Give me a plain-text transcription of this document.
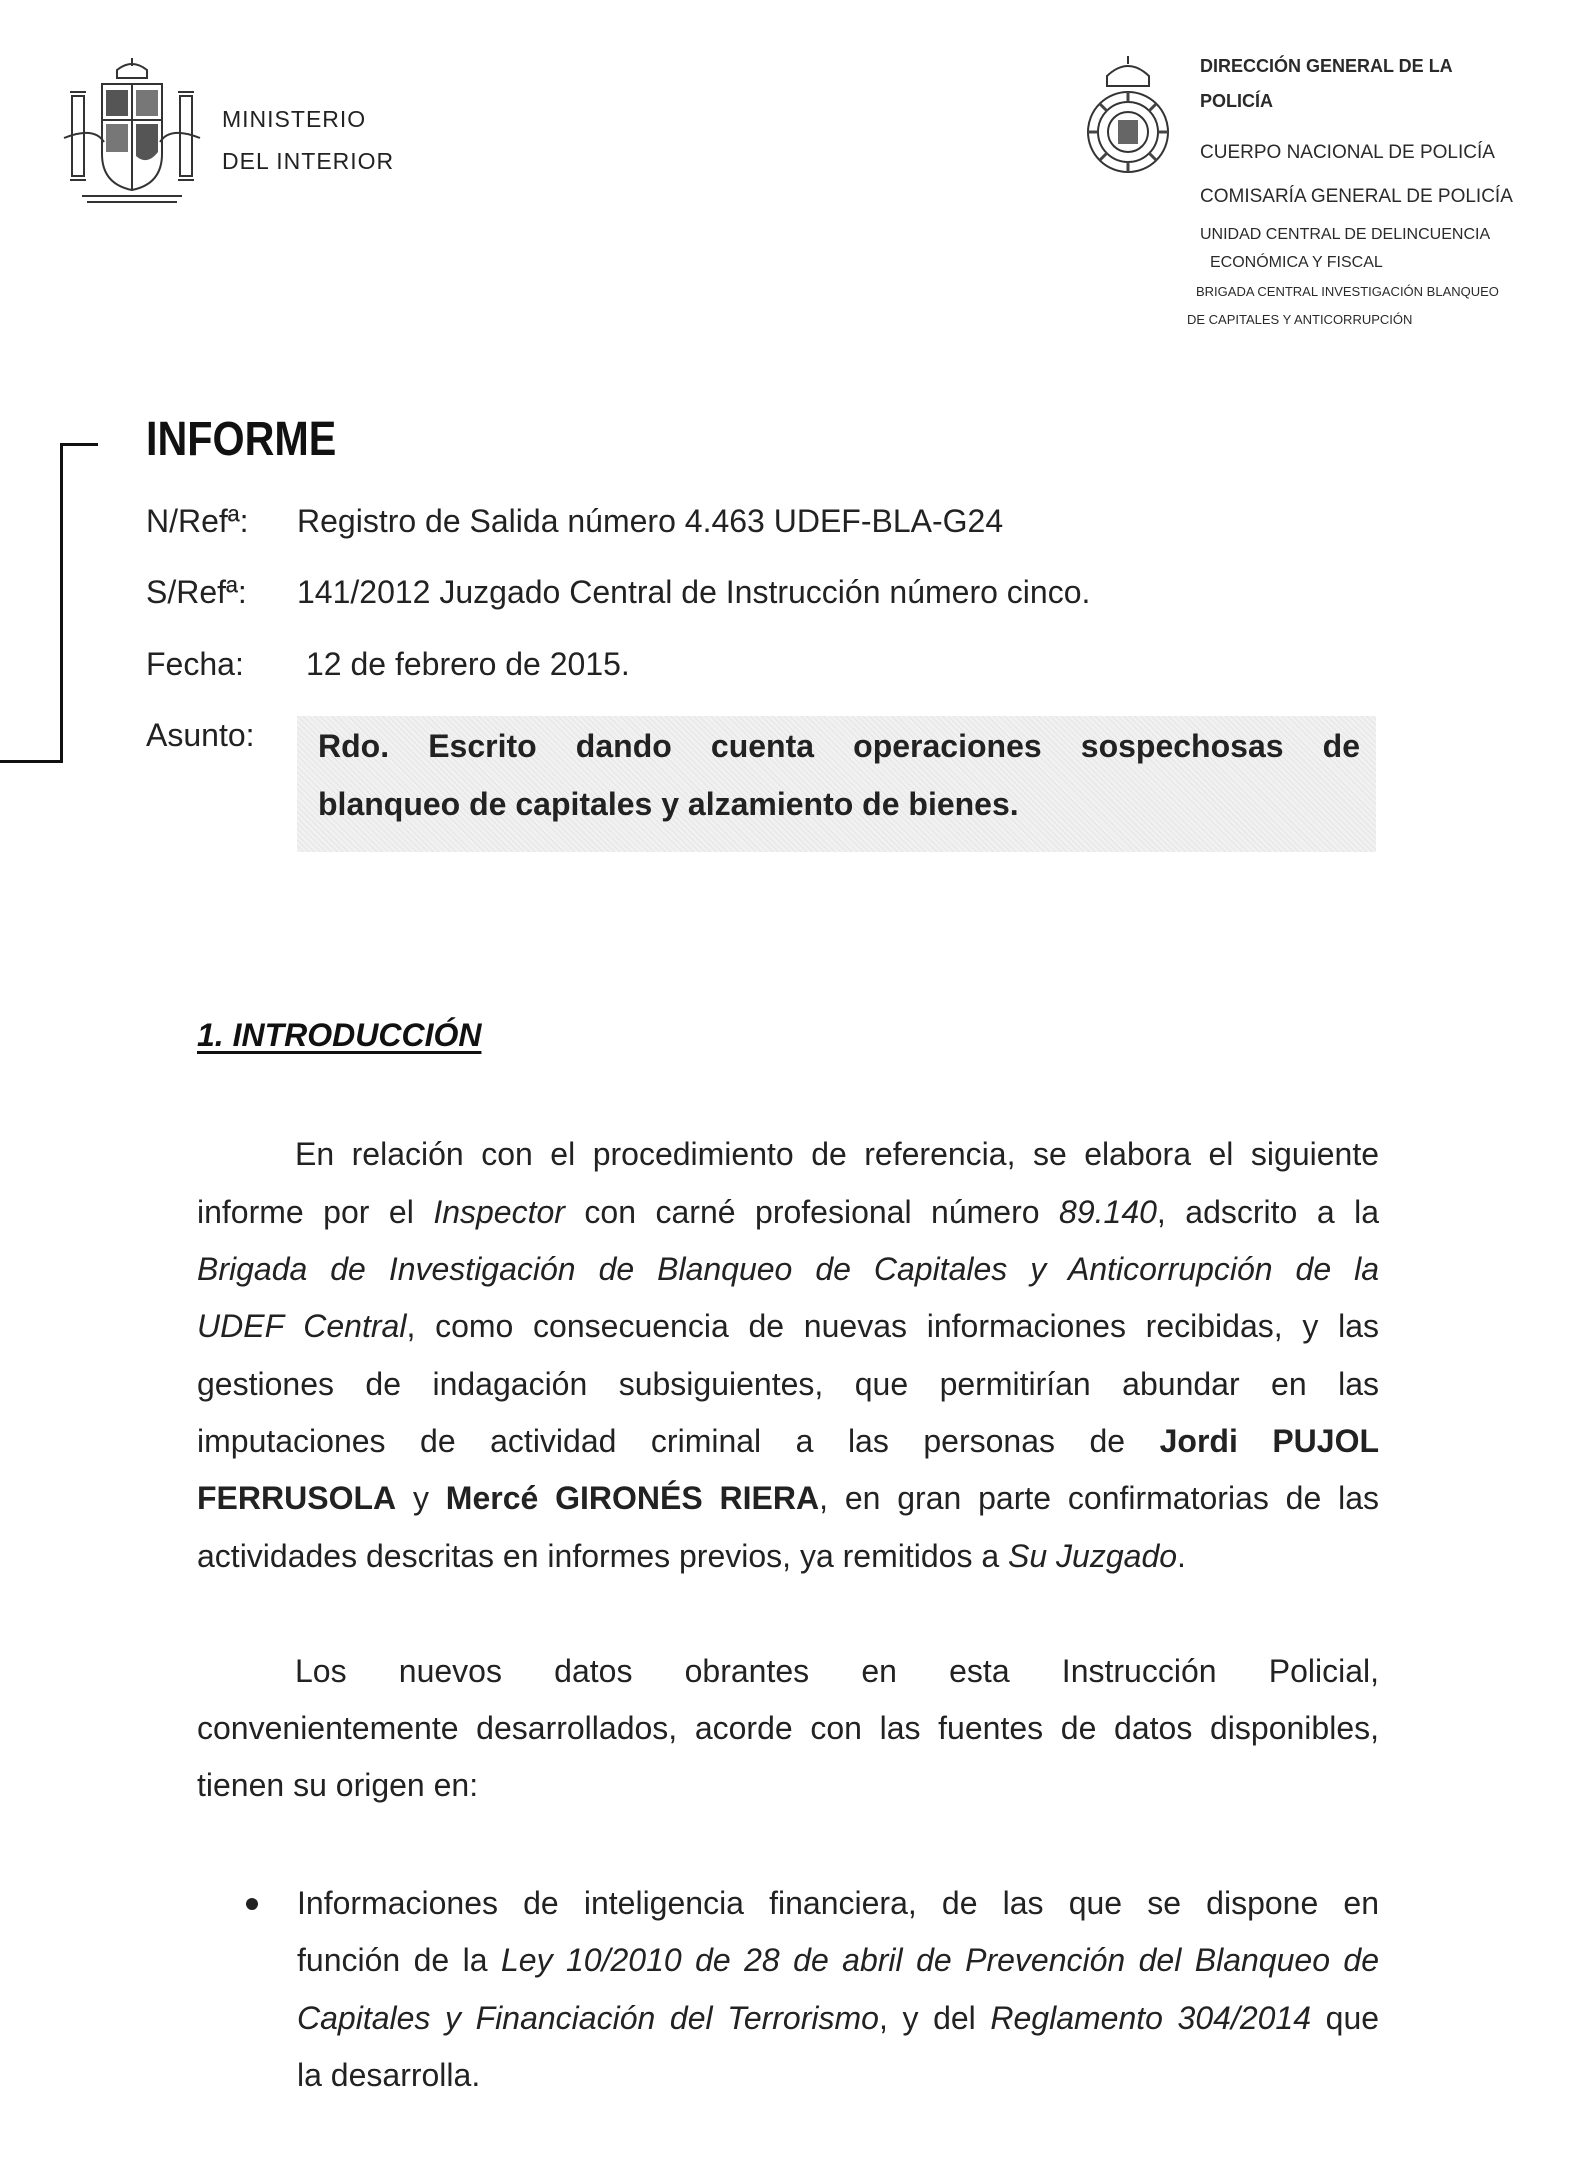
MINISTERIO
DEL INTERIOR
DIRECCIÓN GENERAL DE LA
POLICÍA
CUERPO NACIONAL DE POLICÍA
COMISARÍA GENERAL DE POLICÍA
UNIDAD CENTRAL DE DELINCUENCIA
ECONÓMICA Y FISCAL
BRIGADA CENTRAL INVESTIGACIÓN BLANQUEO
DE CAPITALES Y ANTICORRUPCIÓN
INFORME
N/Refª: Registro de Salida número 4.463 UDEF-BLA-G24
S/Refª: 141/2012 Juzgado Central de Instrucción número cinco.
Fecha: 12 de febrero de 2015.
Asunto: Rdo. Escrito dando cuenta operaciones sospechosas de
blanqueo de capitales y alzamiento de bienes.
1. INTRODUCCIÓN
En relación con el procedimiento de referencia, se elabora el siguiente
informe por el Inspector con carné profesional número 89.140, adscrito a la
Brigada de Investigación de Blanqueo de Capitales y Anticorrupción de la
UDEF Central, como consecuencia de nuevas informaciones recibidas, y las
gestiones de indagación subsiguientes, que permitirían abundar en las
imputaciones de actividad criminal a las personas de Jordi PUJOL
FERRUSOLA y Mercé GIRONÉS RIERA, en gran parte confirmatorias de las
actividades descritas en informes previos, ya remitidos a Su Juzgado.
Los nuevos datos obrantes en esta Instrucción Policial,
convenientemente desarrollados, acorde con las fuentes de datos disponibles,
tienen su origen en:
Informaciones de inteligencia financiera, de las que se dispone en
función de la Ley 10/2010 de 28 de abril de Prevención del Blanqueo de
Capitales y Financiación del Terrorismo, y del Reglamento 304/2014 que
la desarrolla.
